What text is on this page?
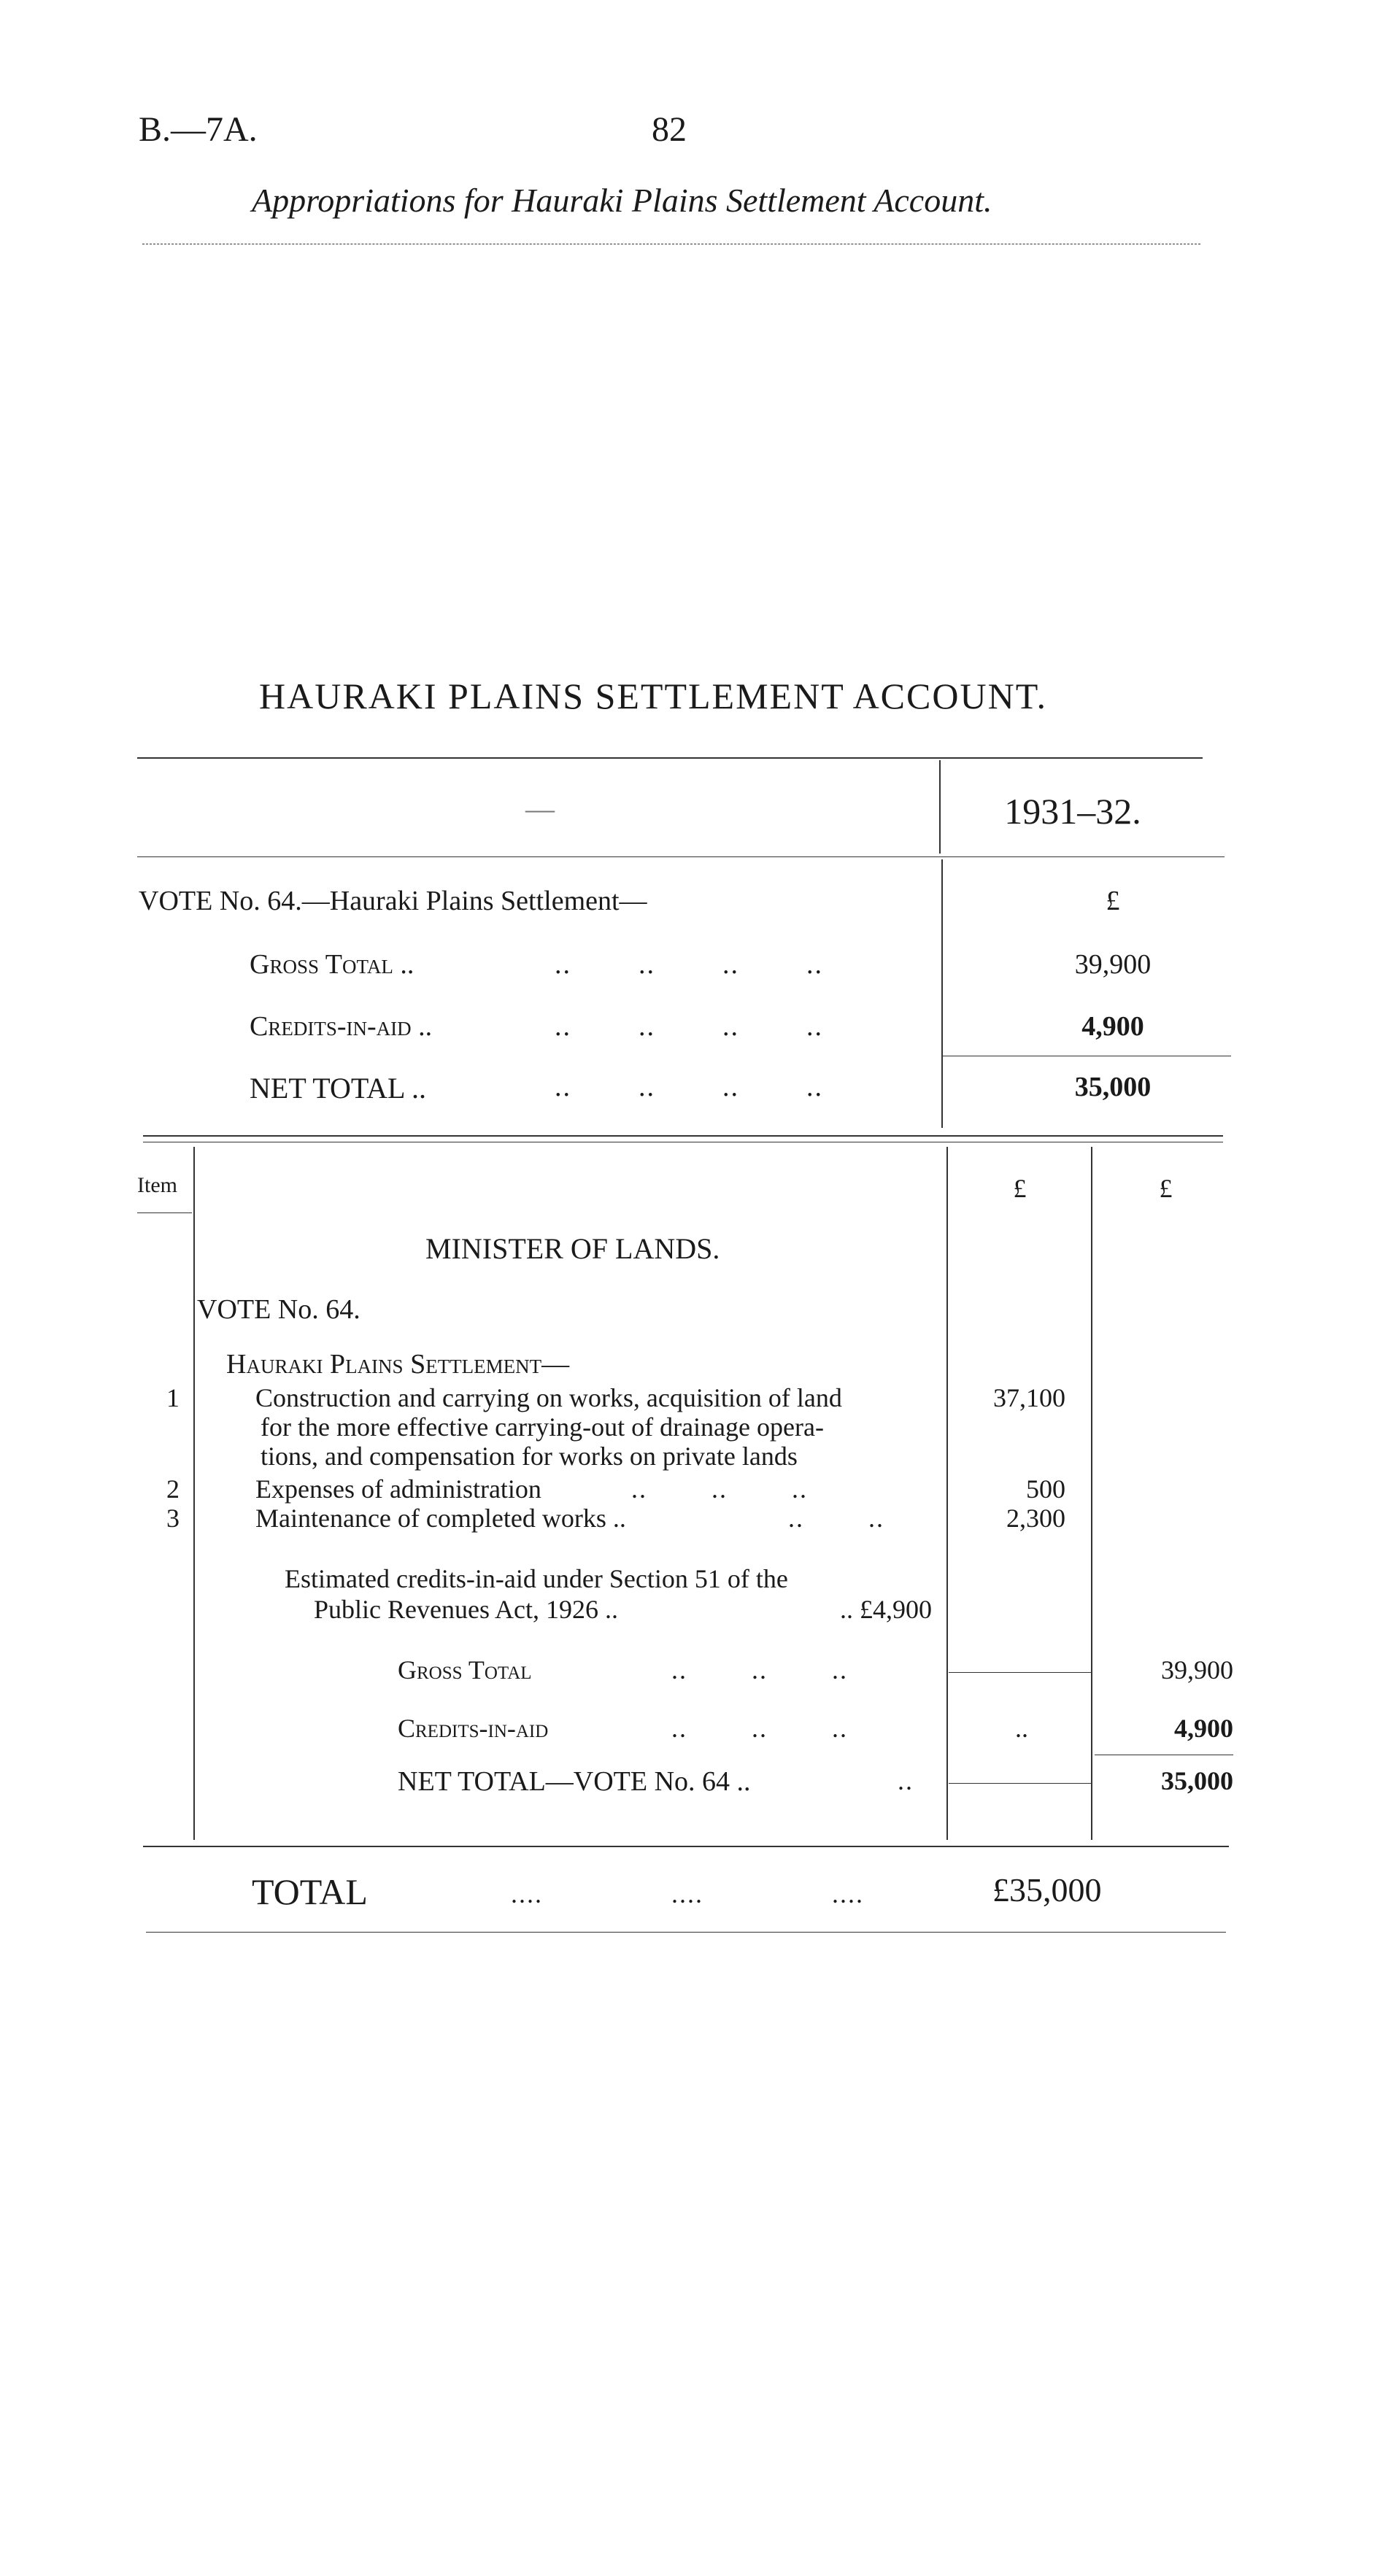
B.—7A.	82
Appropriations for Hauraki Plains Settlement Account.
HAURAKI PLAINS SETTLEMENT ACCOUNT.
—	1931–32.
VOTE No. 64.—Hauraki Plains Settlement—	£
Gross Total ..	..        ..        ..        ..	39,900
Credits-in-aid ..	..        ..        ..        ..	4,900
NET TOTAL ..	..        ..        ..        ..	35,000
Item	£	£
MINISTER OF LANDS.
VOTE No. 64.
Hauraki Plains Settlement—
1	Construction and carrying on works, acquisition of land
for the more effective carrying-out of drainage opera-
tions, and compensation for works on private lands
37,100
2	Expenses of administration	..        ..        ..	500
3	Maintenance of completed works ..	..        ..	2,300
Estimated credits-in-aid under Section 51 of the
Public Revenues Act, 1926 ..	.. £4,900
Gross Total	..        ..        ..	39,900
Credits-in-aid	..        ..        ..	..	4,900
NET TOTAL—VOTE No. 64 ..	..	35,000
TOTAL	....                ....                ....	£35,000
